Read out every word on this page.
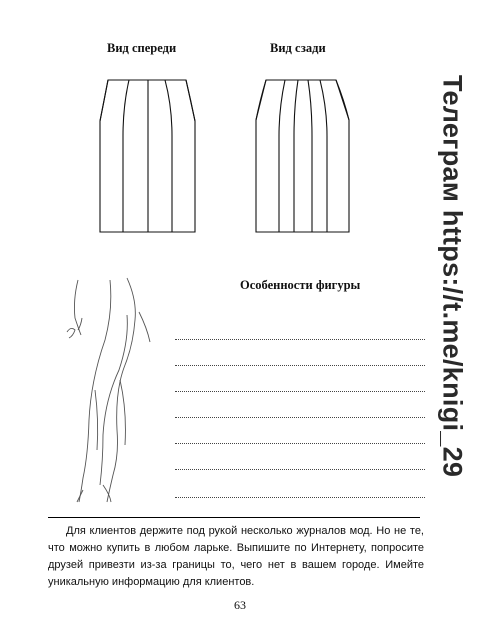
Вид спереди	Вид сзади
Особенности фигуры	Телеграм https://t.me/knigi_29
Для клиентов держите под рукой несколько журналов мод. Но не те, что можно купить в любом ларьке. Выпишите по Интернету, попросите друзей привезти из-за границы то, чего нет в вашем городе. Имейте уникальную информацию для клиентов.
63
